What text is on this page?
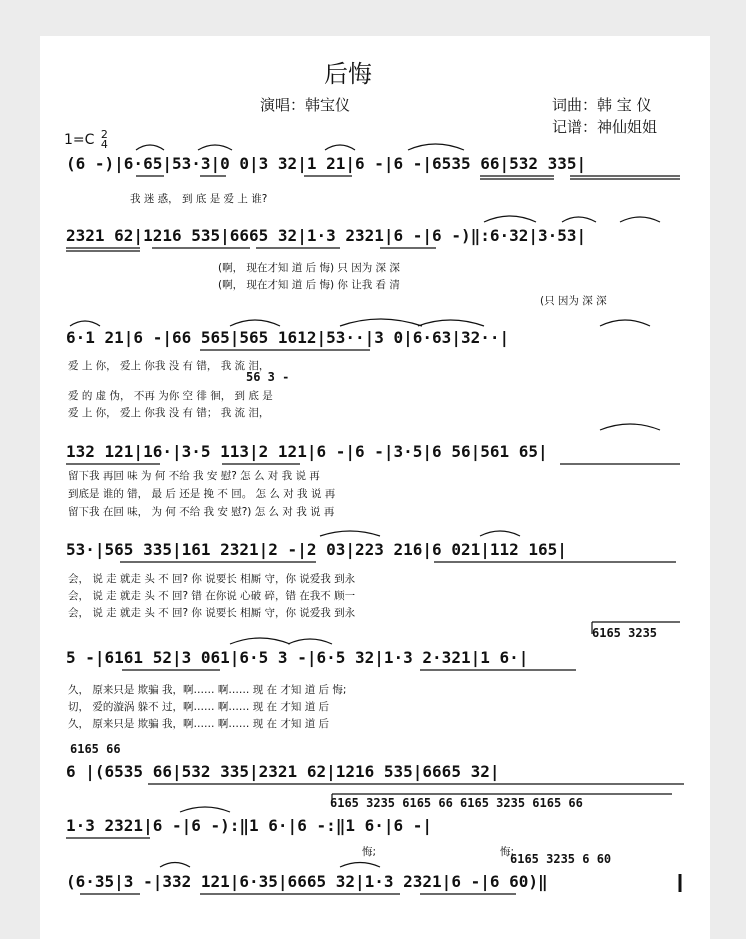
后悔
演唱：韩宝仪	词曲：韩 宝 仪
记谱：神仙姐姐
1=C 2
4
(6 -)|6·65|53·3|0 0|3 32|1 21|6 -|6 -|6535 66|532 335|
我 迷 惑， 到 底 是 爱 上 谁?
2321 62|1216 535|6665 32|1·3 2321|6 -|6 -)‖:6·32|3·53|
(啊， 现在才知 道 后 悔) 只 因为 深 深
(啊， 现在才知 道 后 悔) 你 让我 看 清
(只 因为 深 深
6·1 21|6 -|66 565|565 1612|53··|3 0|6·63|32··|
56 3 -
爱 上 你， 爱上 你我 没 有 错， 我 流 泪，
爱 的 虚 伪， 不再 为你 空 徘 徊， 到 底 是
爱 上 你， 爱上 你我 没 有 错； 我 流 泪，
132 121|16·|3·5 113|2 121|6 -|6 -|3·5|6 56|561 65|
留下我 再回 味 为 何 不给 我 安 慰? 怎 么 对 我 说 再
到底是 谁的 错， 最 后 还是 挽 不 回。 怎 么 对 我 说 再
留下我 在回 味， 为 何 不给 我 安 慰?) 怎 么 对 我 说 再
53·|565 335|161 2321|2 -|2 03|223 216|6 021|112 165|
会， 说 走 就走 头 不 回? 你 说要长 相厮 守，你 说爱我 到永
会， 说 走 就走 头 不 回? 错 在你说 心破 碎，错 在我不 顾一
会， 说 走 就走 头 不 回? 你 说要长 相厮 守，你 说爱我 到永
6165 3235
5 -|6161 52|3 061|6·5 3 -|6·5 32|1·3 2·321|1 6·|
久， 原来只是 欺骗 我，啊…… 啊…… 现 在 才知 道 后 悔;
切， 爱的漩涡 躲不 过，啊…… 啊…… 现 在 才知 道 后
久， 原来只是 欺骗 我，啊…… 啊…… 现 在 才知 道 后
6165 66
6 |(6535 66|532 335|2321 62|1216 535|6665 32|
6165 3235 6165 66 6165 3235 6165 66
1·3 2321|6 -|6 -):‖1 6·|6 -:‖1 6·|6 -|
悔;	悔;
6165 3235 6 60
(6·35|3 -|332 121|6·35|6665 32|1·3 2321|6 -|6 60)‖
